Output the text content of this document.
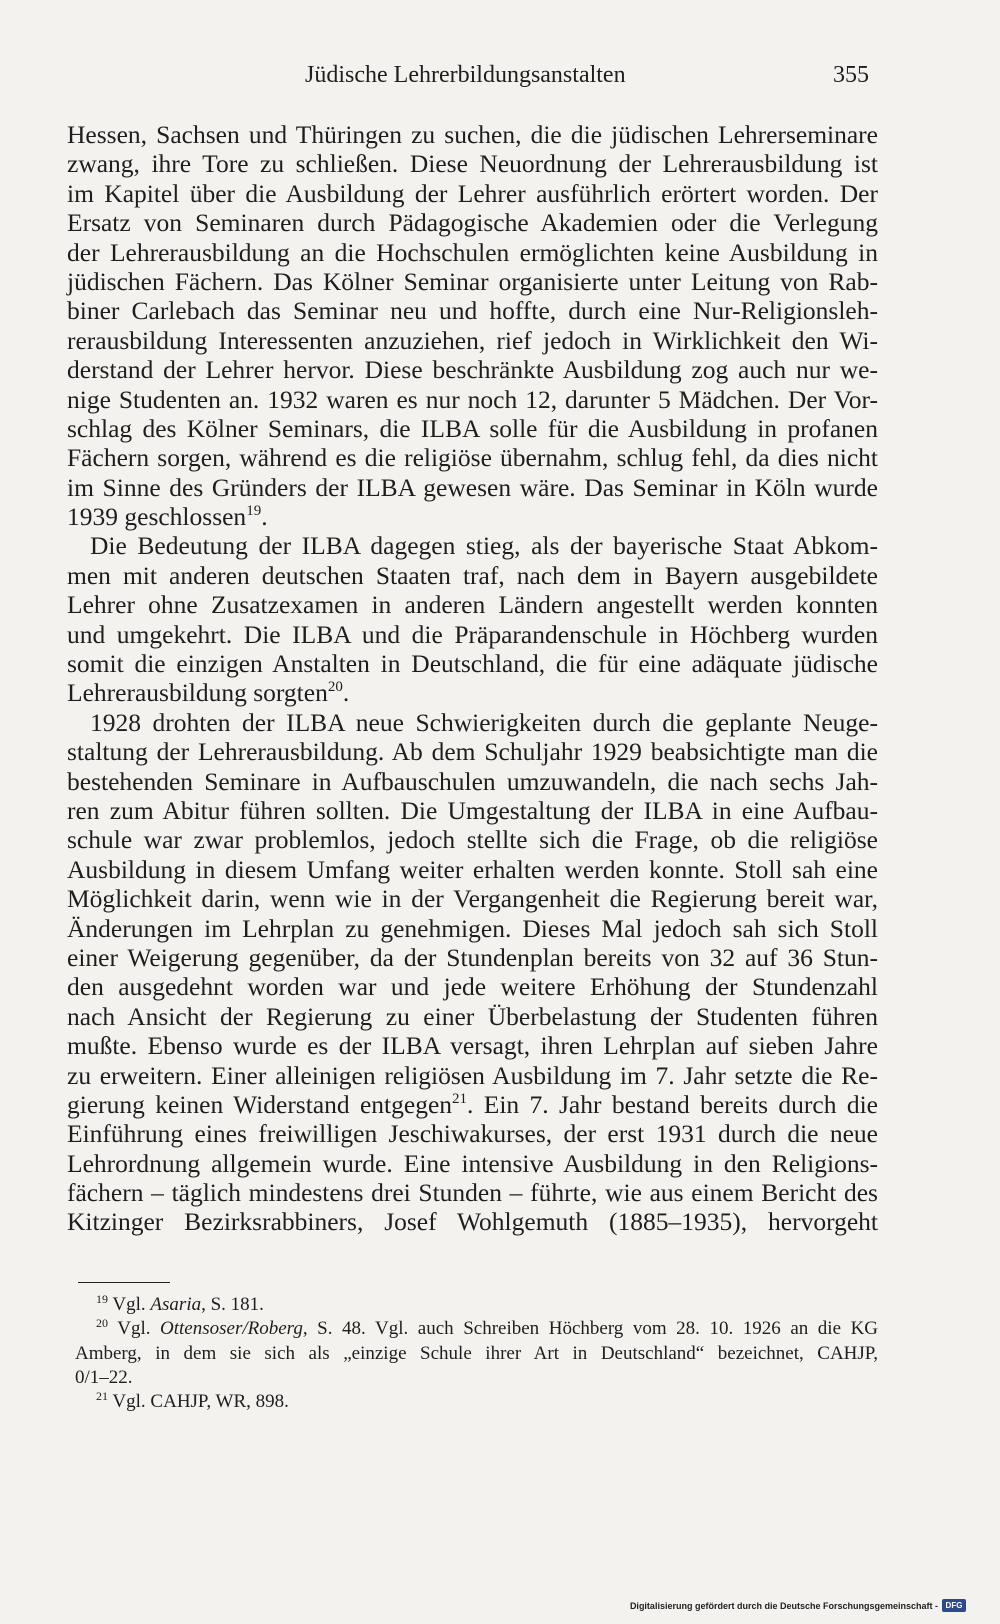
Jüdische Lehrerbildungsanstalten	355
Hessen, Sachsen und Thüringen zu suchen, die die jüdischen Lehrerseminare
zwang, ihre Tore zu schließen. Diese Neuordnung der Lehrerausbildung ist
im Kapitel über die Ausbildung der Lehrer ausführlich erörtert worden. Der
Ersatz von Seminaren durch Pädagogische Akademien oder die Verlegung
der Lehrerausbildung an die Hochschulen ermöglichten keine Ausbildung in
jüdischen Fächern. Das Kölner Seminar organisierte unter Leitung von Rab-
biner Carlebach das Seminar neu und hoffte, durch eine Nur-Religionsleh-
rerausbildung Interessenten anzuziehen, rief jedoch in Wirklichkeit den Wi-
derstand der Lehrer hervor. Diese beschränkte Ausbildung zog auch nur we-
nige Studenten an. 1932 waren es nur noch 12, darunter 5 Mädchen. Der Vor-
schlag des Kölner Seminars, die ILBA solle für die Ausbildung in profanen
Fächern sorgen, während es die religiöse übernahm, schlug fehl, da dies nicht
im Sinne des Gründers der ILBA gewesen wäre. Das Seminar in Köln wurde
1939 geschlossen$^{19}$.
Die Bedeutung der ILBA dagegen stieg, als der bayerische Staat Abkom-
men mit anderen deutschen Staaten traf, nach dem in Bayern ausgebildete
Lehrer ohne Zusatzexamen in anderen Ländern angestellt werden konnten
und umgekehrt. Die ILBA und die Präparandenschule in Höchberg wurden
somit die einzigen Anstalten in Deutschland, die für eine adäquate jüdische
Lehrerausbildung sorgten$^{20}$.
1928 drohten der ILBA neue Schwierigkeiten durch die geplante Neuge-
staltung der Lehrerausbildung. Ab dem Schuljahr 1929 beabsichtigte man die
bestehenden Seminare in Aufbauschulen umzuwandeln, die nach sechs Jah-
ren zum Abitur führen sollten. Die Umgestaltung der ILBA in eine Aufbau-
schule war zwar problemlos, jedoch stellte sich die Frage, ob die religiöse
Ausbildung in diesem Umfang weiter erhalten werden konnte. Stoll sah eine
Möglichkeit darin, wenn wie in der Vergangenheit die Regierung bereit war,
Änderungen im Lehrplan zu genehmigen. Dieses Mal jedoch sah sich Stoll
einer Weigerung gegenüber, da der Stundenplan bereits von 32 auf 36 Stun-
den ausgedehnt worden war und jede weitere Erhöhung der Stundenzahl
nach Ansicht der Regierung zu einer Überbelastung der Studenten führen
mußte. Ebenso wurde es der ILBA versagt, ihren Lehrplan auf sieben Jahre
zu erweitern. Einer alleinigen religiösen Ausbildung im 7. Jahr setzte die Re-
gierung keinen Widerstand entgegen$^{21}$. Ein 7. Jahr bestand bereits durch die
Einführung eines freiwilligen Jeschiwakurses, der erst 1931 durch die neue
Lehrordnung allgemein wurde. Eine intensive Ausbildung in den Religions-
fächern – täglich mindestens drei Stunden – führte, wie aus einem Bericht des
Kitzinger Bezirksrabbiners, Josef Wohlgemuth (1885–1935), hervorgeht
$^{19}$ Vgl. Asaria, S. 181.
$^{20}$ Vgl. Ottensoser/Roberg, S. 48. Vgl. auch Schreiben Höchberg vom 28. 10. 1926 an die KG
Amberg, in dem sie sich als „einzige Schule ihrer Art in Deutschland“ bezeichnet, CAHJP,
0/1–22.
$^{21}$ Vgl. CAHJP, WR, 898.
Digitalisierung gefördert durch die Deutsche Forschungsgemeinschaft - DFG
